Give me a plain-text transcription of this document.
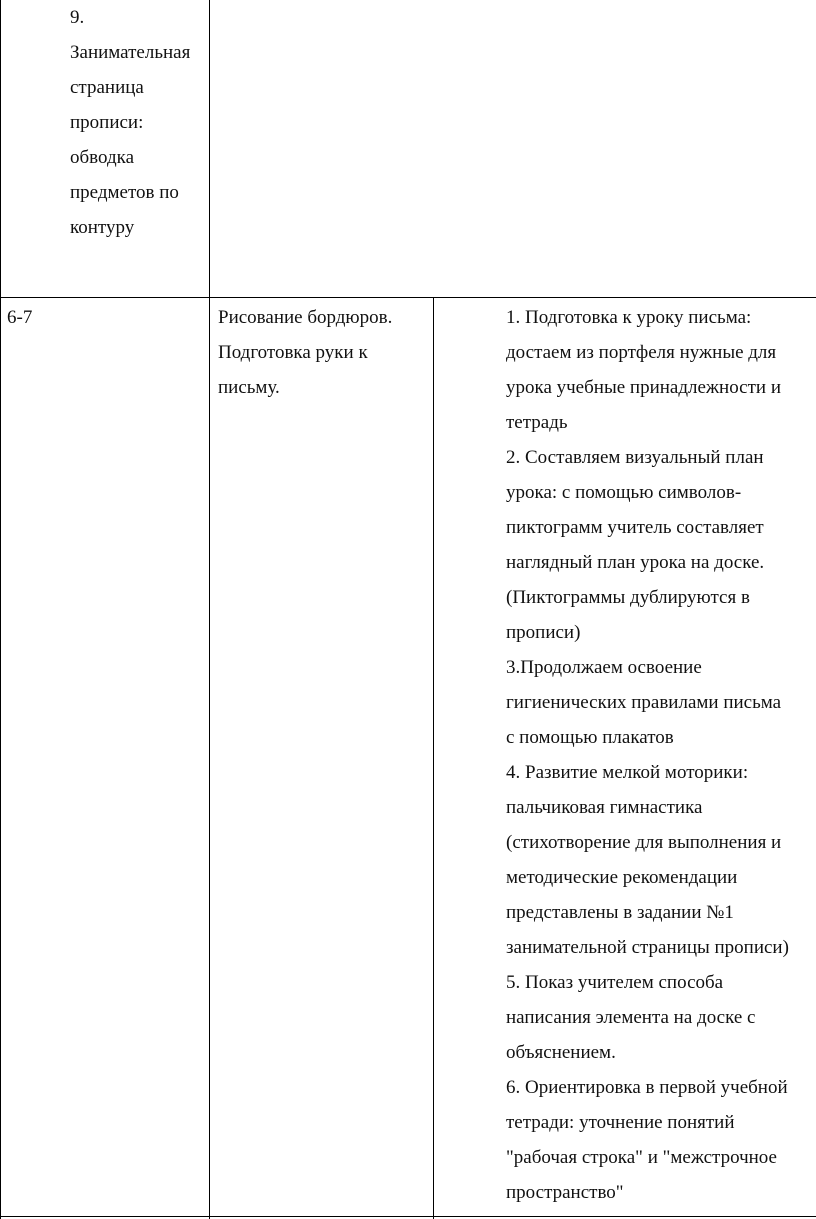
9.
Занимательная
страница
прописи:
обводка
предметов по
контуру
6-7	Рисование бордюров.
Подготовка руки к
письму.
1. Подготовка к уроку письма:
достаем из портфеля нужные для
урока учебные принадлежности и
тетрадь
2. Составляем визуальный план
урока: с помощью символов-
пиктограмм учитель составляет
наглядный план урока на доске.
(Пиктограммы дублируются в
прописи)
3.Продолжаем освоение
гигиенических правилами письма
с помощью плакатов
4. Развитие мелкой моторики:
пальчиковая гимнастика
(стихотворение для выполнения и
методические рекомендации
представлены в задании №1
занимательной страницы прописи)
5. Показ учителем способа
написания элемента на доске с
объяснением.
6. Ориентировка в первой учебной
тетради: уточнение понятий
"рабочая строка" и "межстрочное
пространство"
